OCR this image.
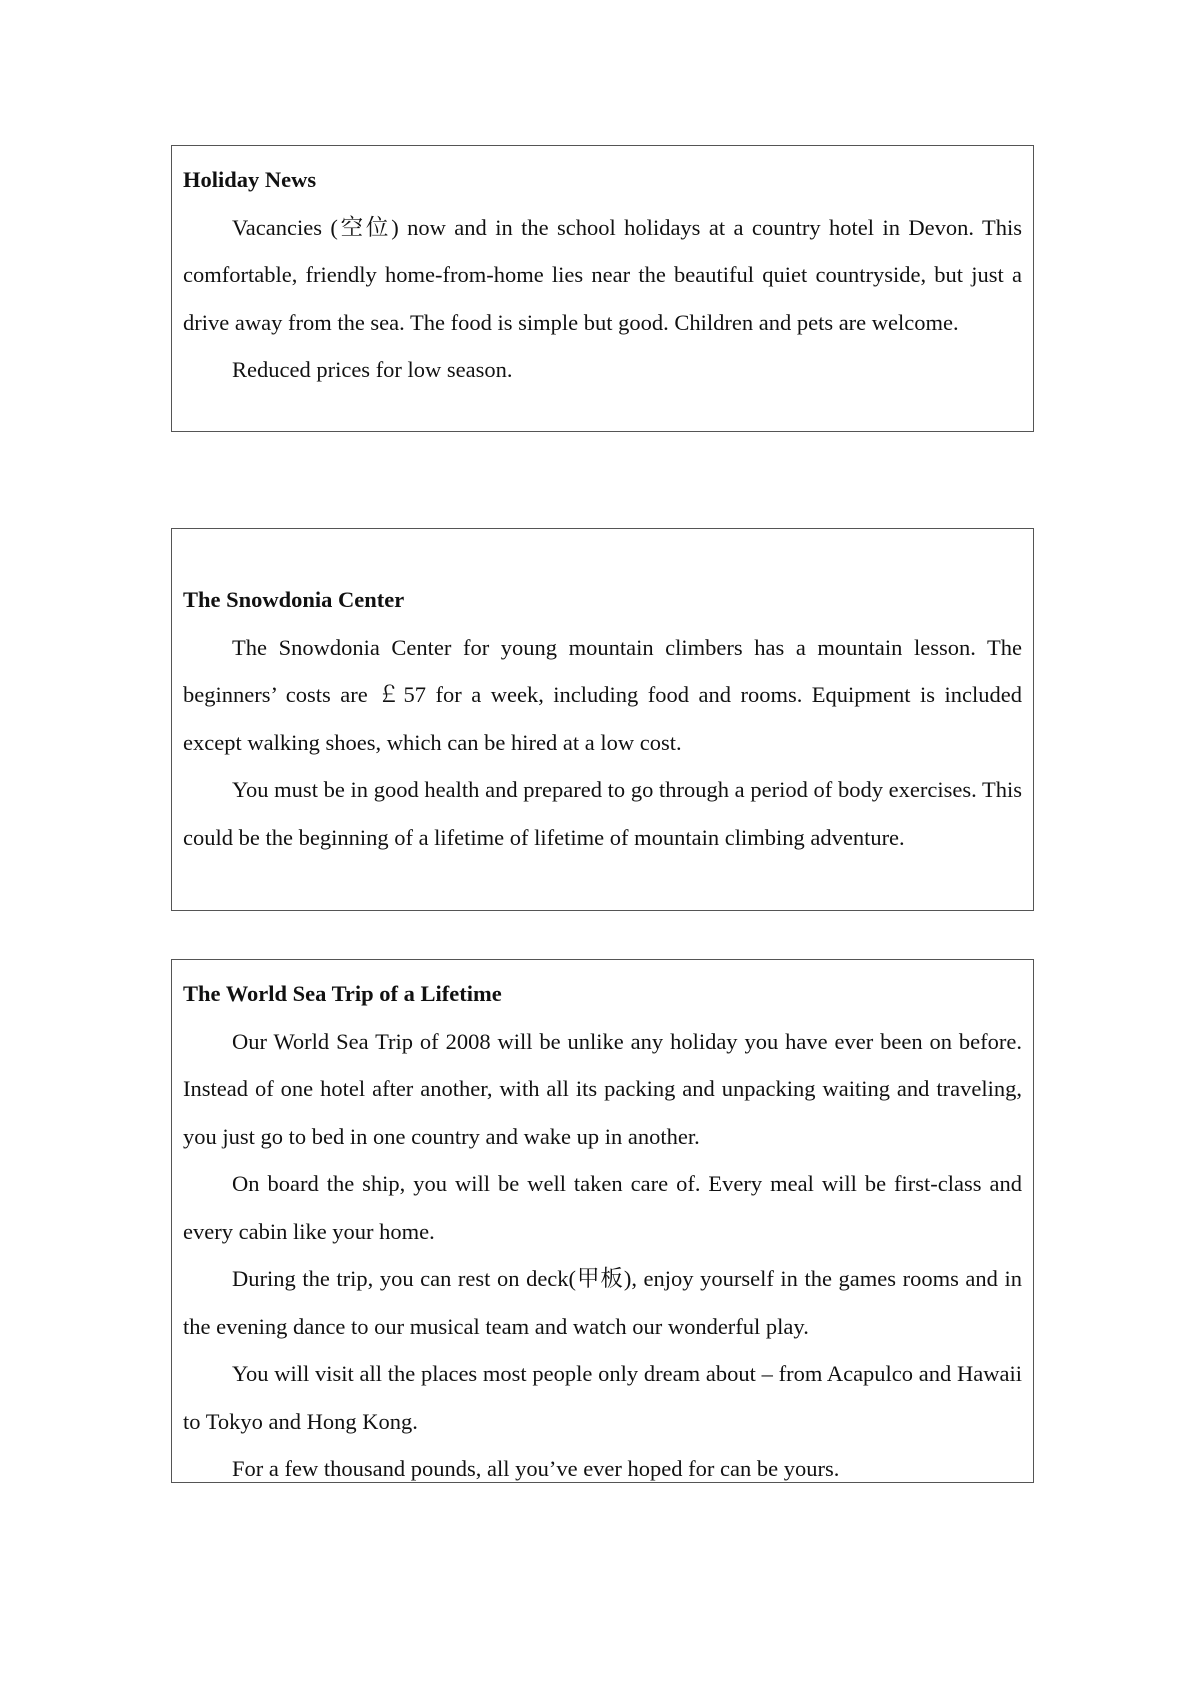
Holiday News

Vacancies (空位) now and in the school holidays at a country hotel in Devon. This comfortable, friendly home-from-home lies near the beautiful quiet countryside, but just a drive away from the sea. The food is simple but good. Children and pets are welcome.

Reduced prices for low season.

The Snowdonia Center

The Snowdonia Center for young mountain climbers has a mountain lesson. The beginners’ costs are ￡57 for a week, including food and rooms. Equipment is included except walking shoes, which can be hired at a low cost.

You must be in good health and prepared to go through a period of body exercises. This could be the beginning of a lifetime of lifetime of mountain climbing adventure.

The World Sea Trip of a Lifetime

Our World Sea Trip of 2008 will be unlike any holiday you have ever been on before. Instead of one hotel after another, with all its packing and unpacking waiting and traveling, you just go to bed in one country and wake up in another.

On board the ship, you will be well taken care of. Every meal will be first-class and every cabin like your home.

During the trip, you can rest on deck(甲板), enjoy yourself in the games rooms and in the evening dance to our musical team and watch our wonderful play.

You will visit all the places most people only dream about – from Acapulco and Hawaii to Tokyo and Hong Kong.

For a few thousand pounds, all you’ve ever hoped for can be yours.
